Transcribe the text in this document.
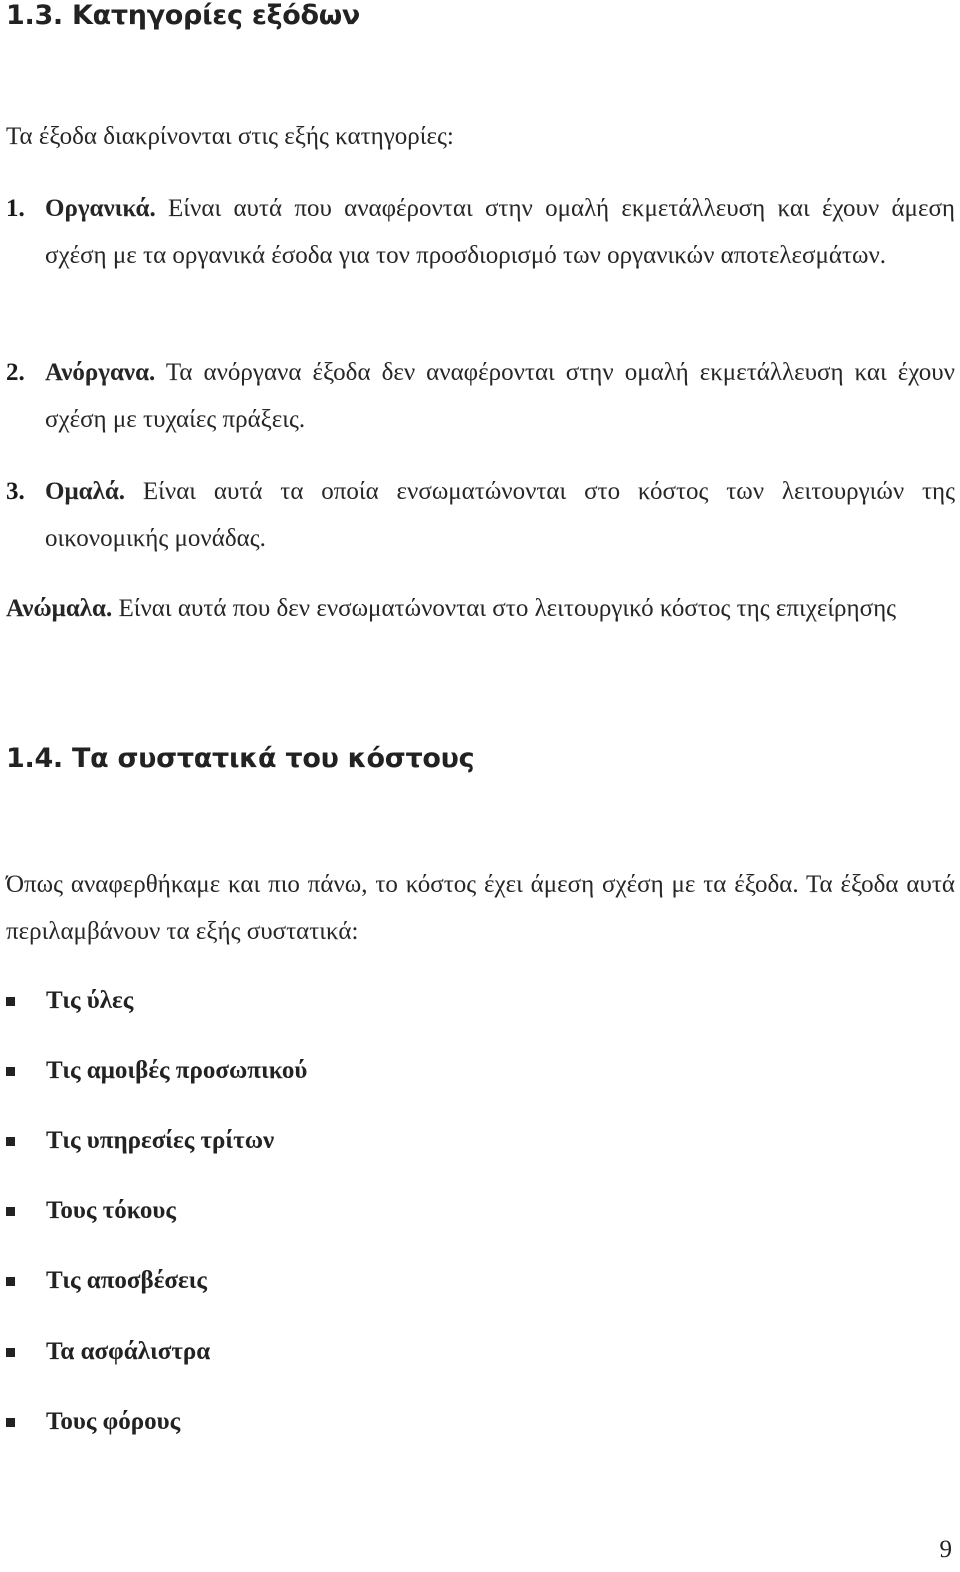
1.3. Κατηγορίες εξόδων
Τα έξοδα διακρίνονται στις εξής κατηγορίες:
1. Οργανικά. Είναι αυτά που αναφέρονται στην ομαλή εκμετάλλευση και έχουν άμεση σχέση με τα οργανικά έσοδα για τον προσδιορισμό των οργανικών αποτελεσμάτων.
2. Ανόργανα. Τα ανόργανα έξοδα δεν αναφέρονται στην ομαλή εκμετάλλευση και έχουν σχέση με τυχαίες πράξεις.
3. Ομαλά. Είναι αυτά τα οποία ενσωματώνονται στο κόστος των λειτουργιών της οικονομικής μονάδας.
Ανώμαλα. Είναι αυτά που δεν ενσωματώνονται στο λειτουργικό κόστος της επιχείρησης
1.4. Τα συστατικά του κόστους
Όπως αναφερθήκαμε και πιο πάνω, το κόστος έχει άμεση σχέση με τα έξοδα. Τα έξοδα αυτά περιλαμβάνουν τα εξής συστατικά:
Τις ύλες
Τις αμοιβές προσωπικού
Τις υπηρεσίες τρίτων
Τους τόκους
Τις αποσβέσεις
Τα ασφάλιστρα
Τους φόρους
9
